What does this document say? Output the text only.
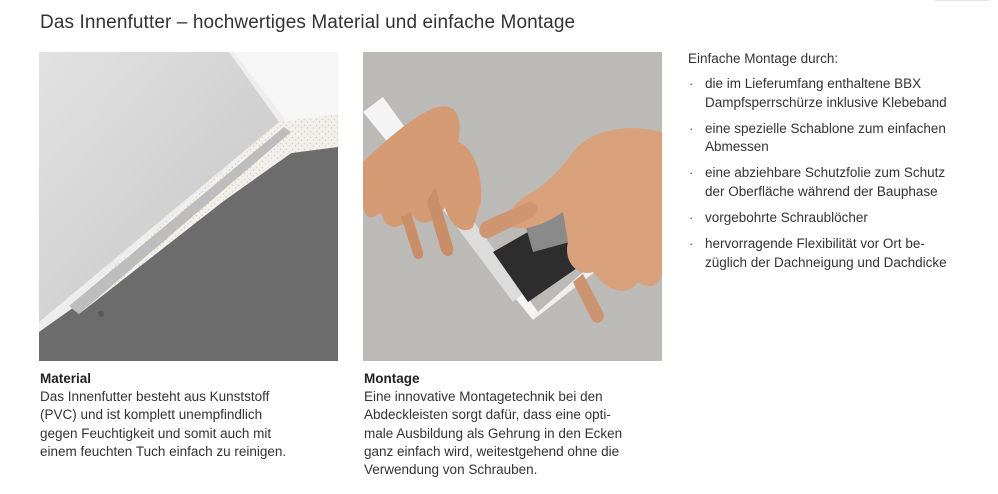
Das Innenfutter – hochwertiges Material und einfache Montage
Material
Das Innenfutter besteht aus Kunststoff
(PVC) und ist komplett unempfindlich
gegen Feuchtigkeit und somit auch mit
einem feuchten Tuch einfach zu reinigen.
Montage
Eine innovative Montagetechnik bei den
Abdeckleisten sorgt dafür, dass eine opti-
male Ausbildung als Gehrung in den Ecken
ganz einfach wird, weitestgehend ohne die
Verwendung von Schrauben.
Einfache Montage durch:
· die im Lieferumfang enthaltene BBX
Dampfsperrschürze inklusive Klebeband
· eine spezielle Schablone zum einfachen
Abmessen
· eine abziehbare Schutzfolie zum Schutz
der Oberfläche während der Bauphase
· vorgebohrte Schraublöcher
· hervorragende Flexibilität vor Ort be-
züglich der Dachneigung und Dachdicke
